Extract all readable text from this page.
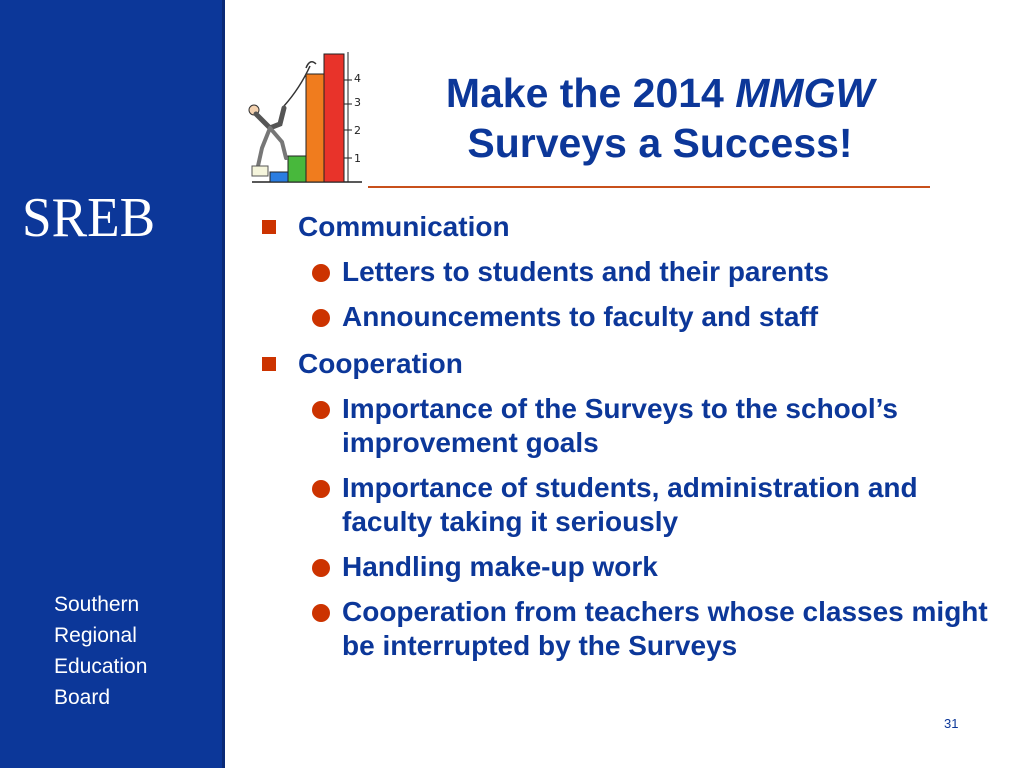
SREB
Southern
Regional
Education
Board
4
3
2
1
Make the 2014 MMGW
Surveys a Success!
Communication
Letters to students and their parents
Announcements to faculty and staff
Cooperation
Importance of the Surveys to the school’s improvement goals
Importance of students, administration and faculty taking it seriously
Handling make-up work
Cooperation from teachers whose classes might be interrupted by the Surveys
31
